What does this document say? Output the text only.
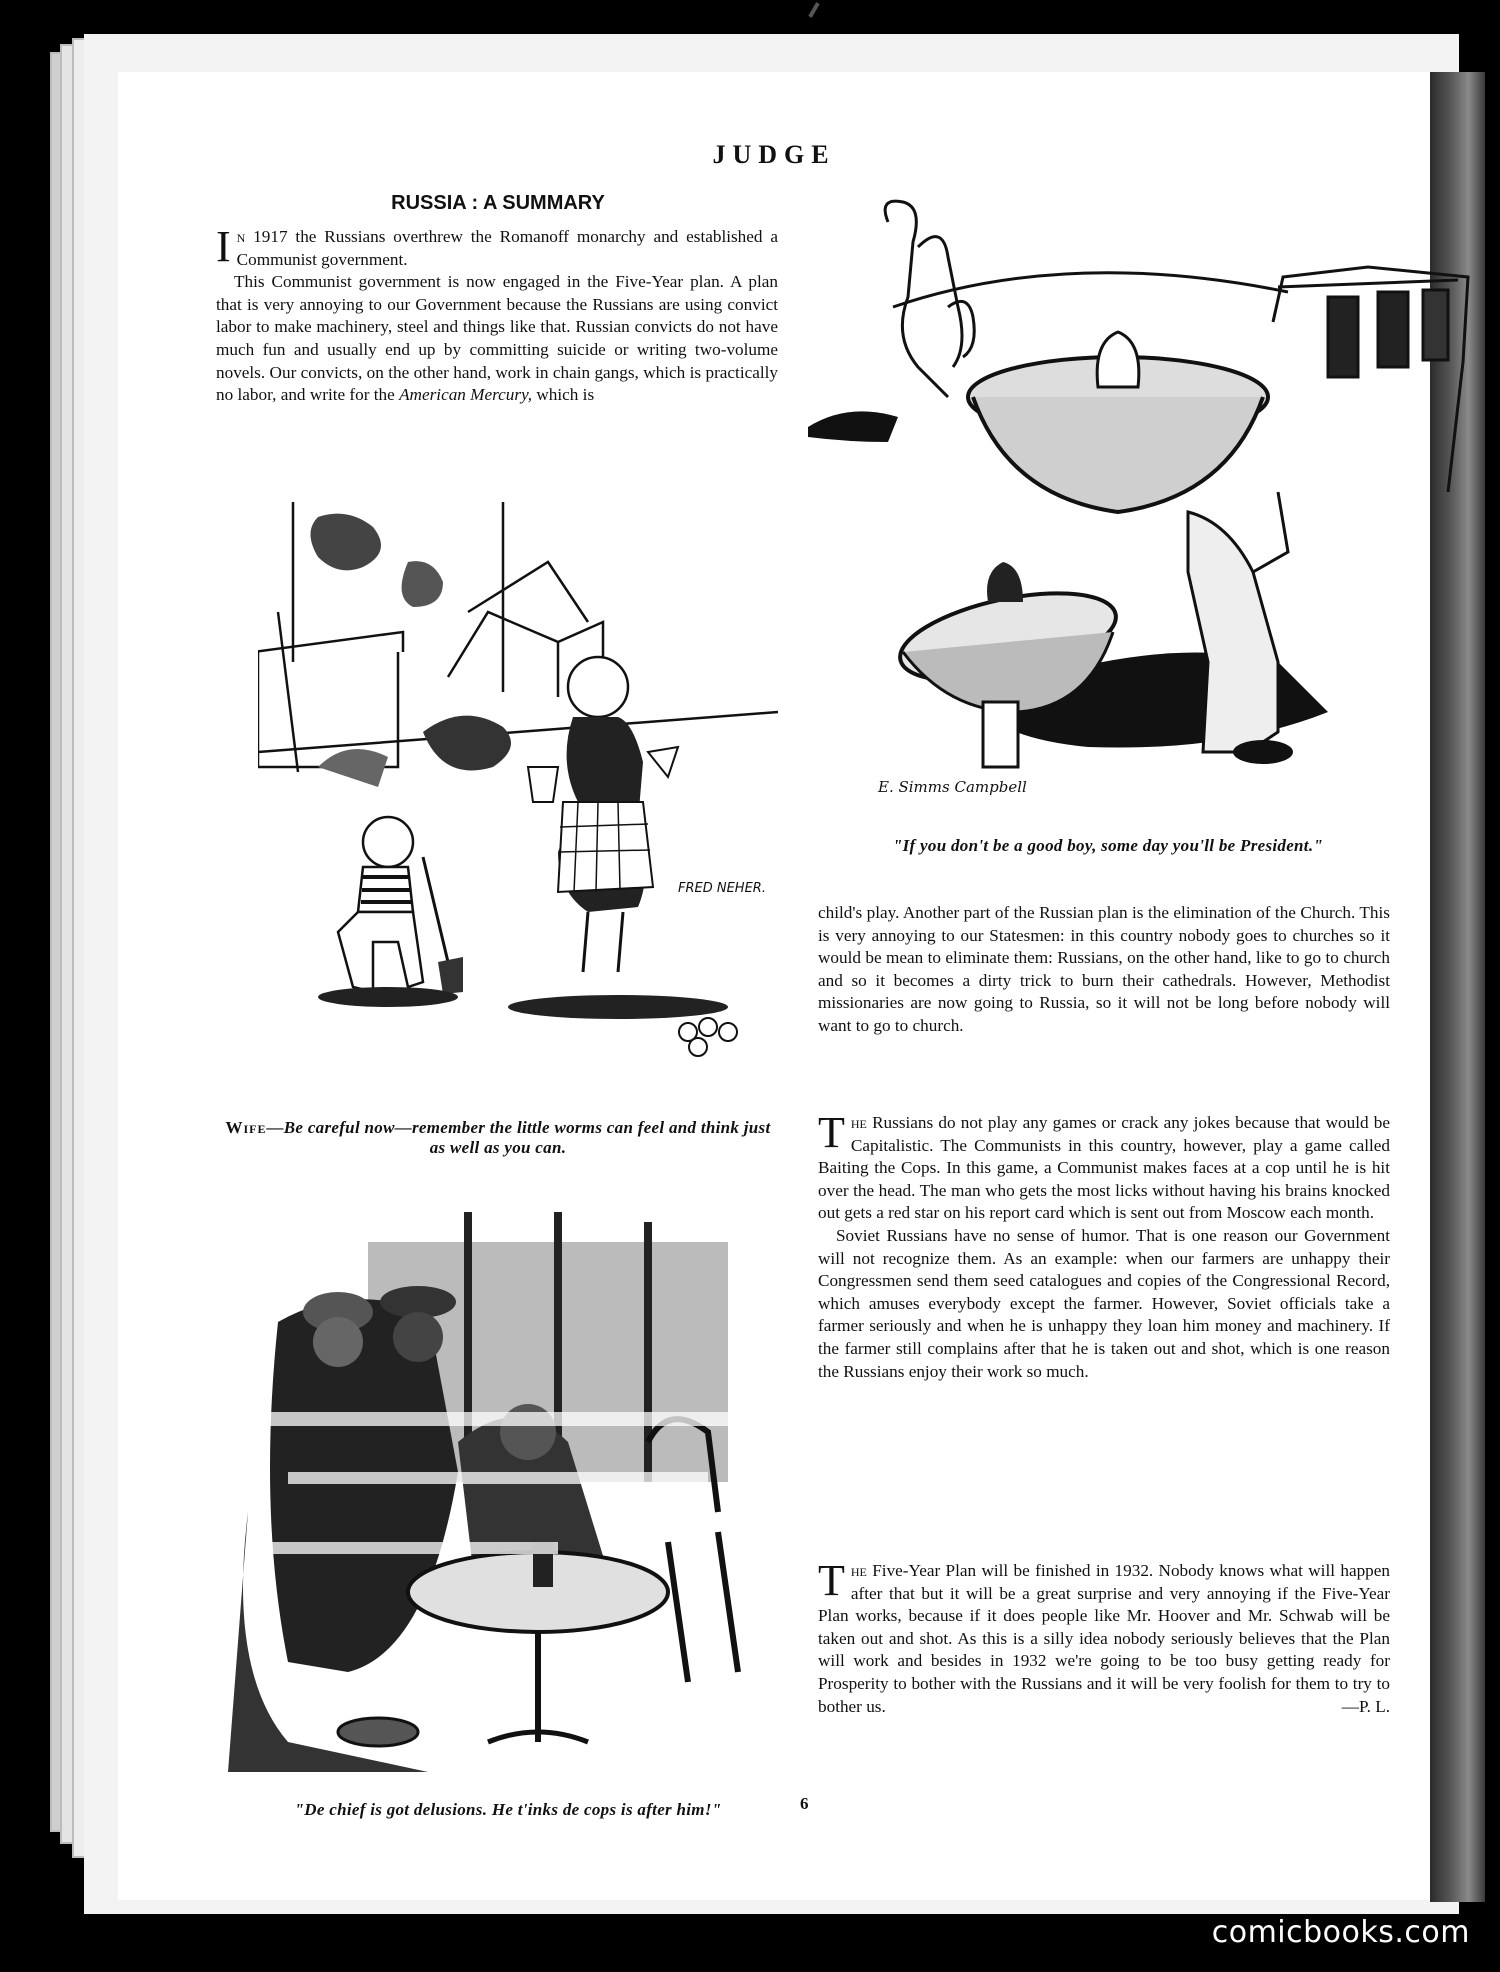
JUDGE
RUSSIA : A SUMMARY

In 1917 the Russians overthrew the Romanoff monarchy and established a Communist government.

This Communist government is now engaged in the Five-Year plan. A plan that is very annoying to our Government because the Russians are using convict labor to make machinery, steel and things like that. Russian convicts do not have much fun and usually end up by committing suicide or writing two-volume novels. Our convicts, on the other hand, work in chain gangs, which is practically no labor, and write for the American Mercury, which is

child's play. Another part of the Russian plan is the elimination of the Church. This is very annoying to our Statesmen: in this country nobody goes to churches so it would be mean to eliminate them: Russians, on the other hand, like to go to church and so it becomes a dirty trick to burn their cathedrals. However, Methodist missionaries are now going to Russia, so it will not be long before nobody will want to go to church.

The Russians do not play any games or crack any jokes because that would be Capitalistic. The Communists in this country, however, play a game called Baiting the Cops. In this game, a Communist makes faces at a cop until he is hit over the head. The man who gets the most licks without having his brains knocked out gets a red star on his report card which is sent out from Moscow each month.

Soviet Russians have no sense of humor. That is one reason our Government will not recognize them. As an example: when our farmers are unhappy their Congressmen send them seed catalogues and copies of the Congressional Record, which amuses everybody except the farmer. However, Soviet officials take a farmer seriously and when he is unhappy they loan him money and machinery. If the farmer still complains after that he is taken out and shot, which is one reason the Russians enjoy their work so much.

The Five-Year Plan will be finished in 1932. Nobody knows what will happen after that but it will be a great surprise and very annoying if the Five-Year Plan works, because if it does people like Mr. Hoover and Mr. Schwab will be taken out and shot. As this is a silly idea nobody seriously believes that the Plan will work and besides in 1932 we're going to be too busy getting ready for Prosperity to bother with the Russians and it will be very foolish for them to try to bother us.	—P. L.

E. Simms Campbell
"If you don't be a good boy, some day you'll be President."
FRED NEHER.
Wife—Be careful now—remember the little worms can feel and think just as well as you can.
"De chief is got delusions. He t'inks de cops is after him!"	6
comicbooks.com
